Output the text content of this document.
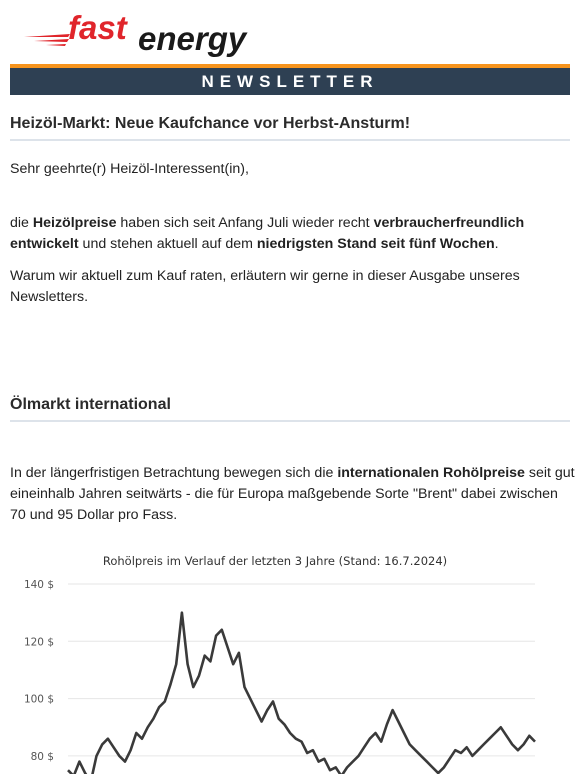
fast energy
NEWSLETTER
Heizöl-Markt: Neue Kaufchance vor Herbst-Ansturm!
Sehr geehrte(r) Heizöl-Interessent(in),
die Heizölpreise haben sich seit Anfang Juli wieder recht verbraucherfreundlich entwickelt und stehen aktuell auf dem niedrigsten Stand seit fünf Wochen.
Warum wir aktuell zum Kauf raten, erläutern wir gerne in dieser Ausgabe unseres Newsletters.
Ölmarkt international
In der längerfristigen Betrachtung bewegen sich die internationalen Rohölpreise seit gut eineinhalb Jahren seitwärts - die für Europa maßgebende Sorte "Brent" dabei zwischen 70 und 95 Dollar pro Fass.
Rohölpreis im Verlauf der letzten 3 Jahre (Stand: 16.7.2024)
140 $
120 $
100 $
80 $
